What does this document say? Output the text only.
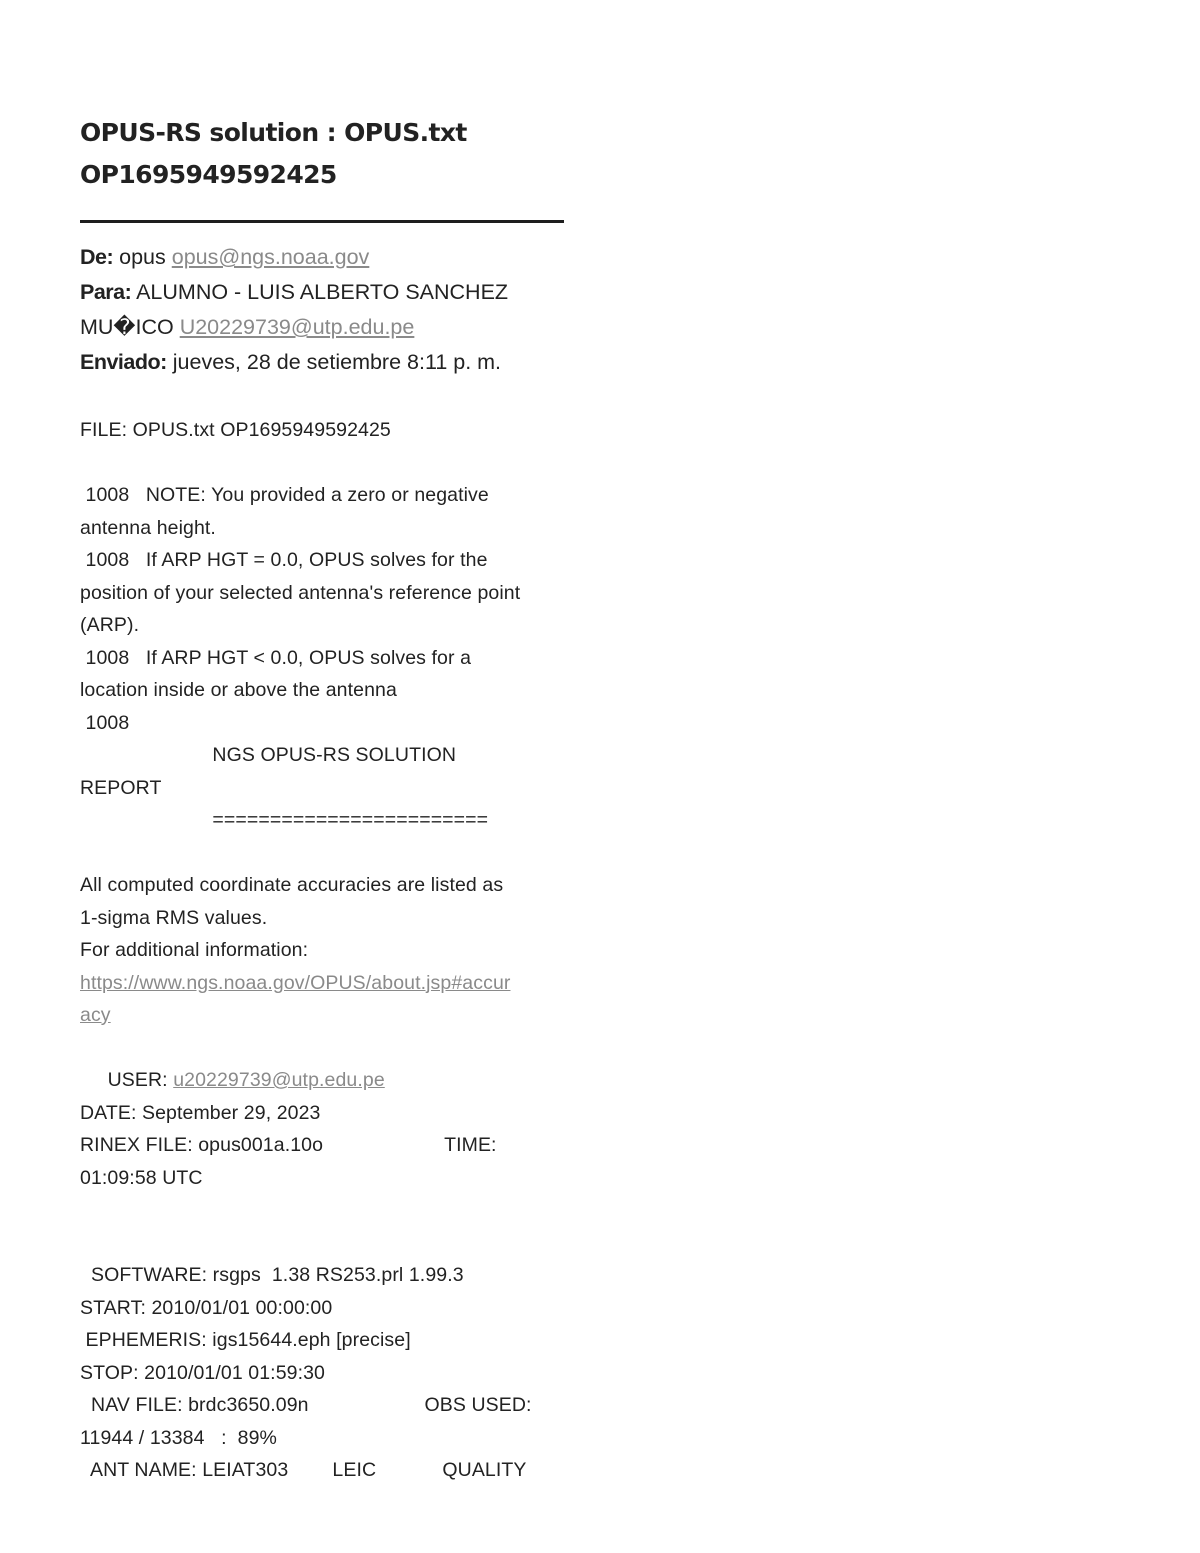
OPUS-RS solution : OPUS.txt
OP1695949592425
De: opus opus@ngs.noaa.gov
Para: ALUMNO - LUIS ALBERTO SANCHEZ
MU�ICO U20229739@utp.edu.pe
Enviado: jueves, 28 de setiembre 8:11 p. m.
FILE: OPUS.txt OP1695949592425
1008   NOTE: You provided a zero or negative
antenna height.
1008   If ARP HGT = 0.0, OPUS solves for the
position of your selected antenna's reference point
(ARP).
1008   If ARP HGT < 0.0, OPUS solves for a
location inside or above the antenna
1008
NGS OPUS-RS SOLUTION
REPORT
========================
All computed coordinate accuracies are listed as
1-sigma RMS values.
For additional information:
https://www.ngs.noaa.gov/OPUS/about.jsp#accur
acy
USER: u20229739@utp.edu.pe
DATE: September 29, 2023
RINEX FILE: opus001a.10o                      TIME:
01:09:58 UTC
SOFTWARE: rsgps  1.38 RS253.prl 1.99.3
START: 2010/01/01 00:00:00
EPHEMERIS: igs15644.eph [precise]
STOP: 2010/01/01 01:59:30
NAV FILE: brdc3650.09n                     OBS USED:
11944 / 13384   :  89%
ANT NAME: LEIAT303        LEIC            QUALITY
